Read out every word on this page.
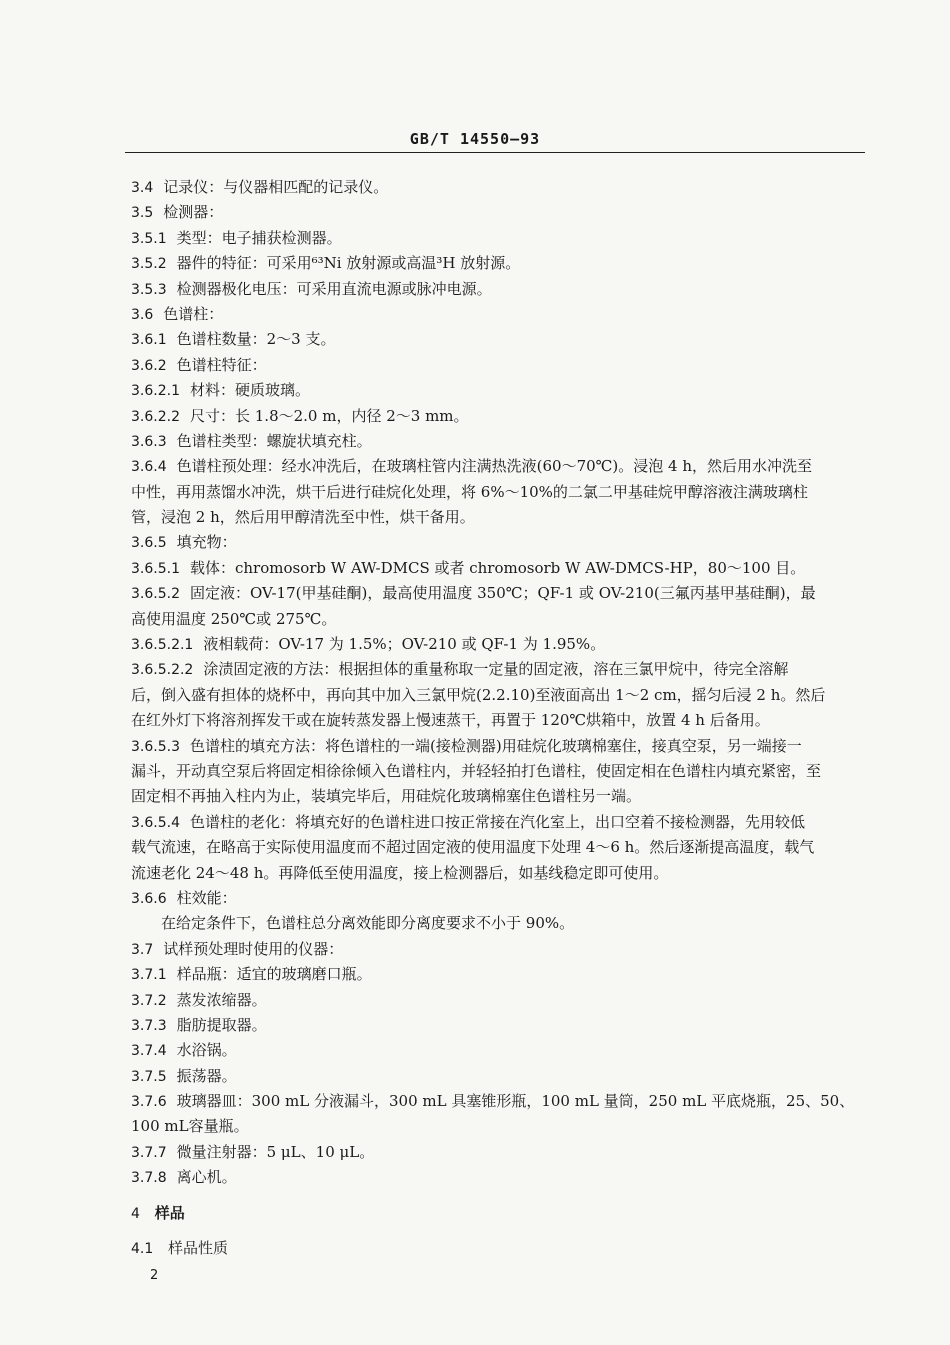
GB/T 14550—93
3.4 记录仪：与仪器相匹配的记录仪。
3.5 检测器：
3.5.1 类型：电子捕获检测器。
3.5.2 器件的特征：可采用⁶³Ni 放射源或高温³H 放射源。
3.5.3 检测器极化电压：可采用直流电源或脉冲电源。
3.6 色谱柱：
3.6.1 色谱柱数量：2～3 支。
3.6.2 色谱柱特征：
3.6.2.1 材料：硬质玻璃。
3.6.2.2 尺寸：长 1.8～2.0 m，内径 2～3 mm。
3.6.3 色谱柱类型：螺旋状填充柱。
3.6.4 色谱柱预处理：经水冲洗后，在玻璃柱管内注满热洗液(60～70℃)。浸泡 4 h，然后用水冲洗至
中性，再用蒸馏水冲洗，烘干后进行硅烷化处理，将 6%～10%的二氯二甲基硅烷甲醇溶液注满玻璃柱
管，浸泡 2 h，然后用甲醇清洗至中性，烘干备用。
3.6.5 填充物：
3.6.5.1 载体：chromosorb W AW-DMCS 或者 chromosorb W AW-DMCS-HP，80～100 目。
3.6.5.2 固定液：OV-17(甲基硅酮)，最高使用温度 350℃；QF-1 或 OV-210(三氟丙基甲基硅酮)，最
高使用温度 250℃或 275℃。
3.6.5.2.1 液相载荷：OV-17 为 1.5%；OV-210 或 QF-1 为 1.95%。
3.6.5.2.2 涂渍固定液的方法：根据担体的重量称取一定量的固定液，溶在三氯甲烷中，待完全溶解
后，倒入盛有担体的烧杯中，再向其中加入三氯甲烷(2.2.10)至液面高出 1～2 cm，摇匀后浸 2 h。然后
在红外灯下将溶剂挥发干或在旋转蒸发器上慢速蒸干，再置于 120℃烘箱中，放置 4 h 后备用。
3.6.5.3 色谱柱的填充方法：将色谱柱的一端(接检测器)用硅烷化玻璃棉塞住，接真空泵，另一端接一
漏斗，开动真空泵后将固定相徐徐倾入色谱柱内，并轻轻拍打色谱柱，使固定相在色谱柱内填充紧密，至
固定相不再抽入柱内为止，装填完毕后，用硅烷化玻璃棉塞住色谱柱另一端。
3.6.5.4 色谱柱的老化：将填充好的色谱柱进口按正常接在汽化室上，出口空着不接检测器，先用较低
载气流速，在略高于实际使用温度而不超过固定液的使用温度下处理 4～6 h。然后逐渐提高温度，载气
流速老化 24～48 h。再降低至使用温度，接上检测器后，如基线稳定即可使用。
3.6.6 柱效能：
　　在给定条件下，色谱柱总分离效能即分离度要求不小于 90%。
3.7 试样预处理时使用的仪器：
3.7.1 样品瓶：适宜的玻璃磨口瓶。
3.7.2 蒸发浓缩器。
3.7.3 脂肪提取器。
3.7.4 水浴锅。
3.7.5 振荡器。
3.7.6 玻璃器皿：300 mL 分液漏斗，300 mL 具塞锥形瓶，100 mL 量筒，250 mL 平底烧瓶，25、50、
100 mL容量瓶。
3.7.7 微量注射器：5 μL、10 μL。
3.7.8 离心机。
4 样品
4.1 样品性质
2
